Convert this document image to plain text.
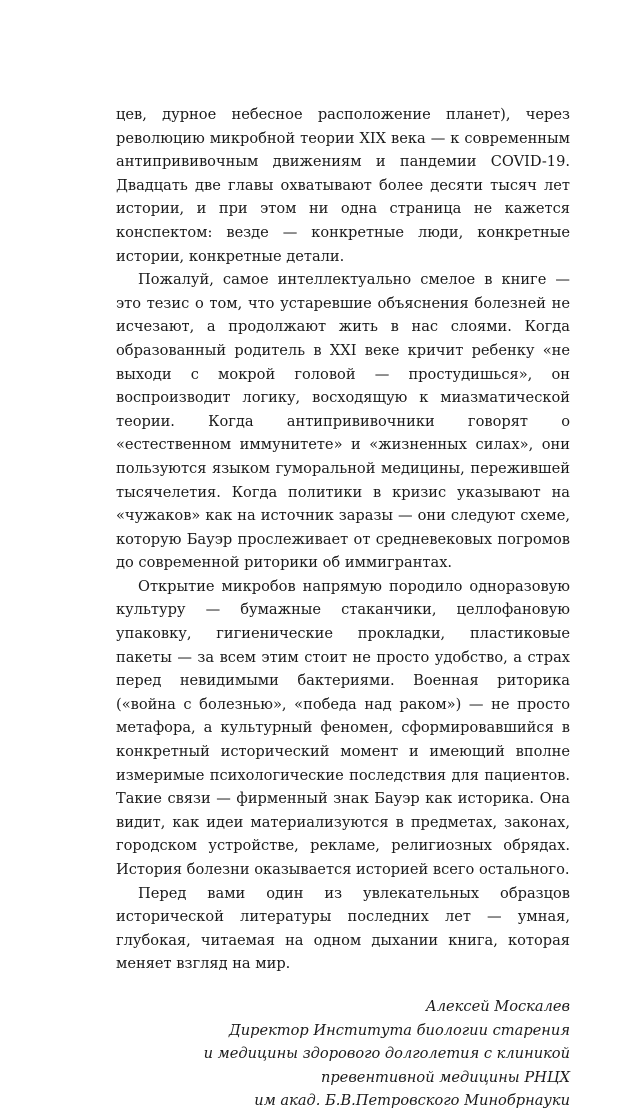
цев, дурное небесное расположение планет), через революцию микробной теории XIX века — к современным антипрививочным движениям и пандемии COVID-19. Двадцать две главы охватывают более десяти тысяч лет истории, и при этом ни одна страница не кажется конспектом: везде — конкретные люди, конкретные истории, конкретные детали.

Пожалуй, самое интеллектуально смелое в книге — это тезис о том, что устаревшие объяснения болезней не исчезают, а продолжают жить в нас слоями. Когда образованный родитель в XXI веке кричит ребенку «не выходи с мокрой головой — простудишься», он воспроизводит логику, восходящую к миазматической теории. Когда антипрививочники говорят о «естественном иммунитете» и «жизненных силах», они пользуются языком гуморальной медицины, пережившей тысячелетия. Когда политики в кризис указывают на «чужаков» как на источник заразы — они следуют схеме, которую Бауэр прослеживает от средневековых погромов до современной риторики об иммигрантах.

Открытие микробов напрямую породило одноразовую культуру — бумажные стаканчики, целлофановую упаковку, гигиенические прокладки, пластиковые пакеты — за всем этим стоит не просто удобство, а страх перед невидимыми бактериями. Военная риторика («война с болезнью», «победа над раком») — не просто метафора, а культурный феномен, сформировавшийся в конкретный исторический момент и имеющий вполне измеримые психологические последствия для пациентов. Такие связи — фирменный знак Бауэр как историка. Она видит, как идеи материализуются в предметах, законах, городском устройстве, рекламе, религиозных обрядах. История болезни оказывается историей всего остального.

Перед вами один из увлекательных образцов исторической литературы последних лет — умная, глубокая, читаемая на одном дыхании книга, которая меняет взгляд на мир.

Алексей Москалев
Директор Института биологии старения
и медицины здорового долголетия с клиникой
превентивной медицины РНЦХ
им акад. Б.В.Петровского Минобрнауки
